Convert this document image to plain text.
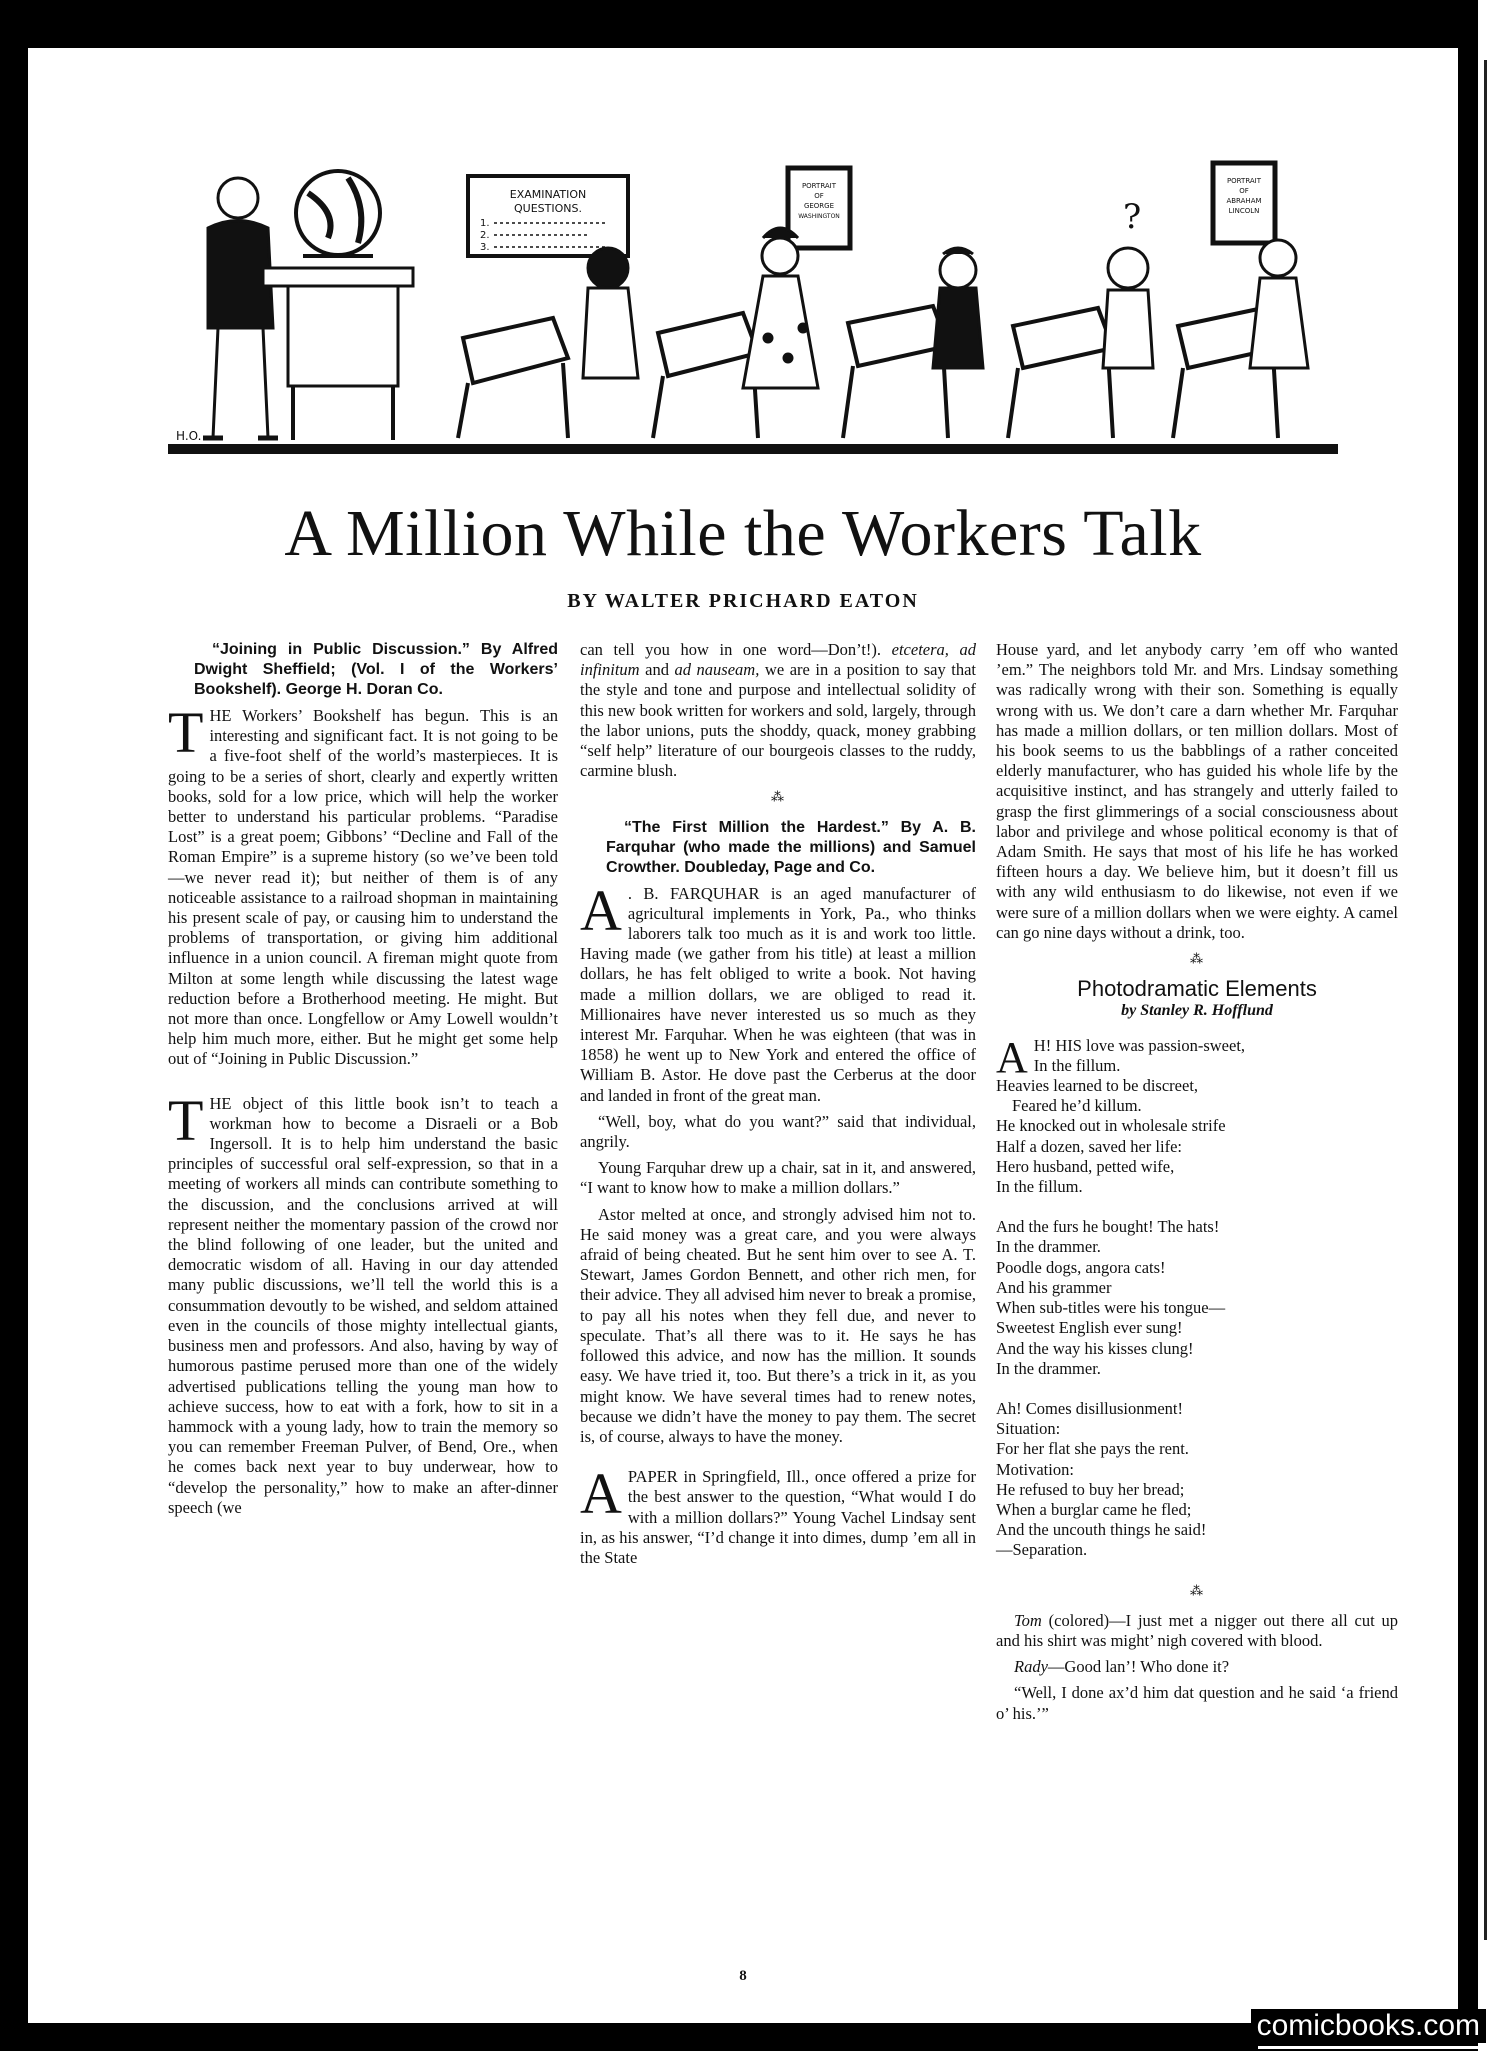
EXAMINATION
QUESTIONS.
1.
2.
3.
PORTRAIT
OF
GEORGE
WASHINGTON
PORTRAIT
OF
ABRAHAM
LINCOLN
?
H.O.
A Million While the Workers Talk
BY WALTER PRICHARD EATON

“Joining in Public Discussion.” By Alfred Dwight Sheffield; (Vol. I of the Workers’ Bookshelf). George H. Doran Co.

THE Workers’ Bookshelf has begun. This is an interesting and significant fact. It is not going to be a five-foot shelf of the world’s masterpieces. It is going to be a series of short, clearly and expertly written books, sold for a low price, which will help the worker better to understand his particular problems. “Paradise Lost” is a great poem; Gibbons’ “Decline and Fall of the Roman Empire” is a supreme history (so we’ve been told—we never read it); but neither of them is of any noticeable assistance to a railroad shopman in maintaining his present scale of pay, or causing him to understand the problems of transportation, or giving him additional influence in a union council. A fireman might quote from Milton at some length while discussing the latest wage reduction before a Brotherhood meeting. He might. But not more than once. Longfellow or Amy Lowell wouldn’t help him much more, either. But he might get some help out of “Joining in Public Discussion.”

THE object of this little book isn’t to teach a workman how to become a Disraeli or a Bob Ingersoll. It is to help him understand the basic principles of successful oral self-expression, so that in a meeting of workers all minds can contribute something to the discussion, and the conclusions arrived at will represent neither the momentary passion of the crowd nor the blind following of one leader, but the united and democratic wisdom of all. Having in our day attended many public discussions, we’ll tell the world this is a consummation devoutly to be wished, and seldom attained even in the councils of those mighty intellectual giants, business men and professors. And also, having by way of humorous pastime perused more than one of the widely advertised publications telling the young man how to achieve success, how to eat with a fork, how to sit in a hammock with a young lady, how to train the memory so you can remember Freeman Pulver, of Bend, Ore., when he comes back next year to buy underwear, how to “develop the personality,” how to make an after-dinner speech (we

can tell you how in one word—Don’t!). etcetera, ad infinitum and ad nauseam, we are in a position to say that the style and tone and purpose and intellectual solidity of this new book written for workers and sold, largely, through the labor unions, puts the shoddy, quack, money grabbing “self help” literature of our bourgeois classes to the ruddy, carmine blush.

⁂

“The First Million the Hardest.” By A. B. Farquhar (who made the millions) and Samuel Crowther. Doubleday, Page and Co.

A . B. FARQUHAR is an aged manufacturer of agricultural implements in York, Pa., who thinks laborers talk too much as it is and work too little. Having made (we gather from his title) at least a million dollars, he has felt obliged to write a book. Not having made a million dollars, we are obliged to read it. Millionaires have never interested us so much as they interest Mr. Farquhar. When he was eighteen (that was in 1858) he went up to New York and entered the office of William B. Astor. He dove past the Cerberus at the door and landed in front of the great man.

“Well, boy, what do you want?” said that individual, angrily.

Young Farquhar drew up a chair, sat in it, and answered, “I want to know how to make a million dollars.”

Astor melted at once, and strongly advised him not to. He said money was a great care, and you were always afraid of being cheated. But he sent him over to see A. T. Stewart, James Gordon Bennett, and other rich men, for their advice. They all advised him never to break a promise, to pay all his notes when they fell due, and never to speculate. That’s all there was to it. He says he has followed this advice, and now has the million. It sounds easy. We have tried it, too. But there’s a trick in it, as you might know. We have several times had to renew notes, because we didn’t have the money to pay them. The secret is, of course, always to have the money.

APAPER in Springfield, Ill., once offered a prize for the best answer to the question, “What would I do with a million dollars?” Young Vachel Lindsay sent in, as his answer, “I’d change it into dimes, dump ’em all in the State

House yard, and let anybody carry ’em off who wanted ’em.” The neighbors told Mr. and Mrs. Lindsay something was radically wrong with their son. Something is equally wrong with us. We don’t care a darn whether Mr. Farquhar has made a million dollars, or ten million dollars. Most of his book seems to us the babblings of a rather conceited elderly manufacturer, who has guided his whole life by the acquisitive instinct, and has strangely and utterly failed to grasp the first glimmerings of a social consciousness about labor and privilege and whose political economy is that of Adam Smith. He says that most of his life he has worked fifteen hours a day. We believe him, but it doesn’t fill us with any wild enthusiasm to do likewise, not even if we were sure of a million dollars when we were eighty. A camel can go nine days without a drink, too.

⁂
Photodramatic Elements
by Stanley R. Hofflund
A H! HIS love was passion-sweet,
In the fillum.
Heavies learned to be discreet,
Feared he’d killum.
He knocked out in wholesale strife
Half a dozen, saved her life:
Hero husband, petted wife,
In the fillum.
And the furs he bought! The hats!
In the drammer.
Poodle dogs, angora cats!
And his grammer
When sub-titles were his tongue—
Sweetest English ever sung!
And the way his kisses clung!
In the drammer.
Ah! Comes disillusionment!
Situation:
For her flat she pays the rent.
Motivation:
He refused to buy her bread;
When a burglar came he fled;
And the uncouth things he said!
—Separation.
⁂

Tom (colored)—I just met a nigger out there all cut up and his shirt was might’ nigh covered with blood.

Rady—Good lan’! Who done it?

“Well, I done ax’d him dat question and he said ‘a friend o’ his.’”

8
comicbooks.com
